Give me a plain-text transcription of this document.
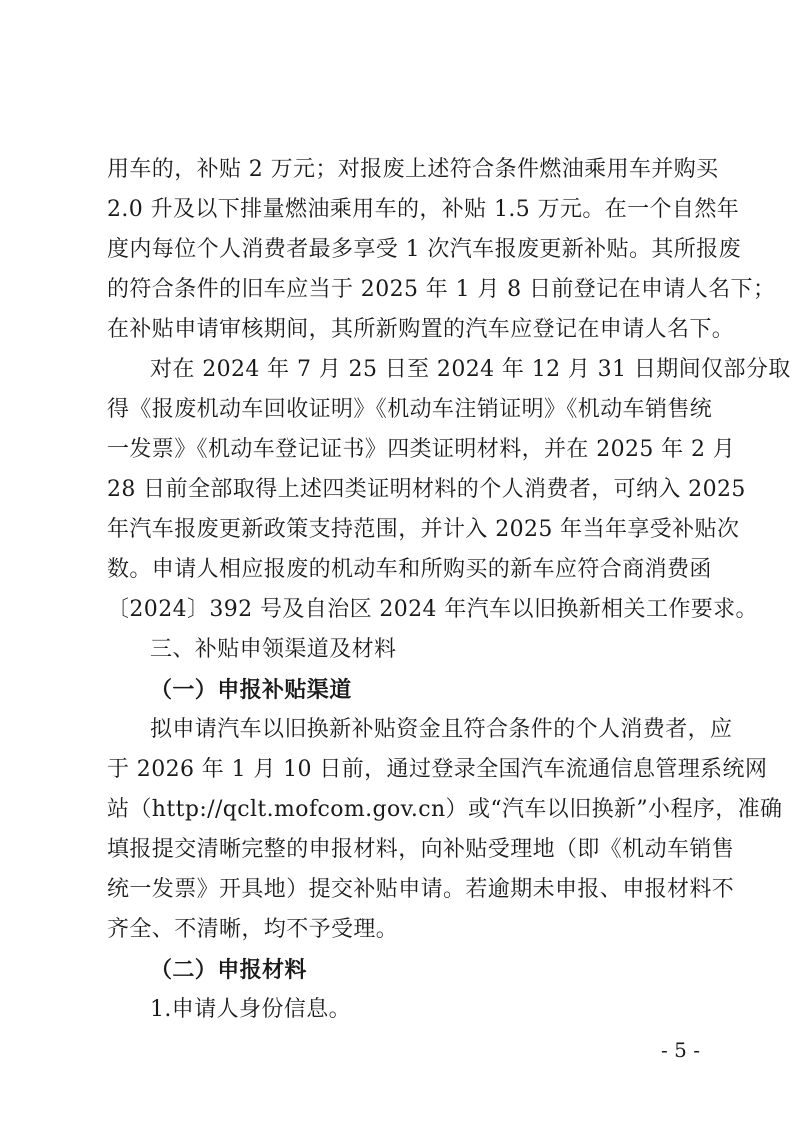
用车的，补贴 2 万元；对报废上述符合条件燃油乘用车并购买
2.0 升及以下排量燃油乘用车的，补贴 1.5 万元。在一个自然年
度内每位个人消费者最多享受 1 次汽车报废更新补贴。其所报废
的符合条件的旧车应当于 2025 年 1 月 8 日前登记在申请人名下；
在补贴申请审核期间，其所新购置的汽车应登记在申请人名下。
对在 2024 年 7 月 25 日至 2024 年 12 月 31 日期间仅部分取
得《报废机动车回收证明》《机动车注销证明》《机动车销售统
一发票》《机动车登记证书》四类证明材料，并在 2025 年 2 月
28 日前全部取得上述四类证明材料的个人消费者，可纳入 2025
年汽车报废更新政策支持范围，并计入 2025 年当年享受补贴次
数。申请人相应报废的机动车和所购买的新车应符合商消费函
〔2024〕392 号及自治区 2024 年汽车以旧换新相关工作要求。
三、补贴申领渠道及材料
（一）申报补贴渠道
拟申请汽车以旧换新补贴资金且符合条件的个人消费者，应
于 2026 年 1 月 10 日前，通过登录全国汽车流通信息管理系统网
站（http://qclt.mofcom.gov.cn）或“汽车以旧换新”小程序，准确
填报提交清晰完整的申报材料，向补贴受理地（即《机动车销售
统一发票》开具地）提交补贴申请。若逾期未申报、申报材料不
齐全、不清晰，均不予受理。
（二）申报材料
1.申请人身份信息。
- 5 -
